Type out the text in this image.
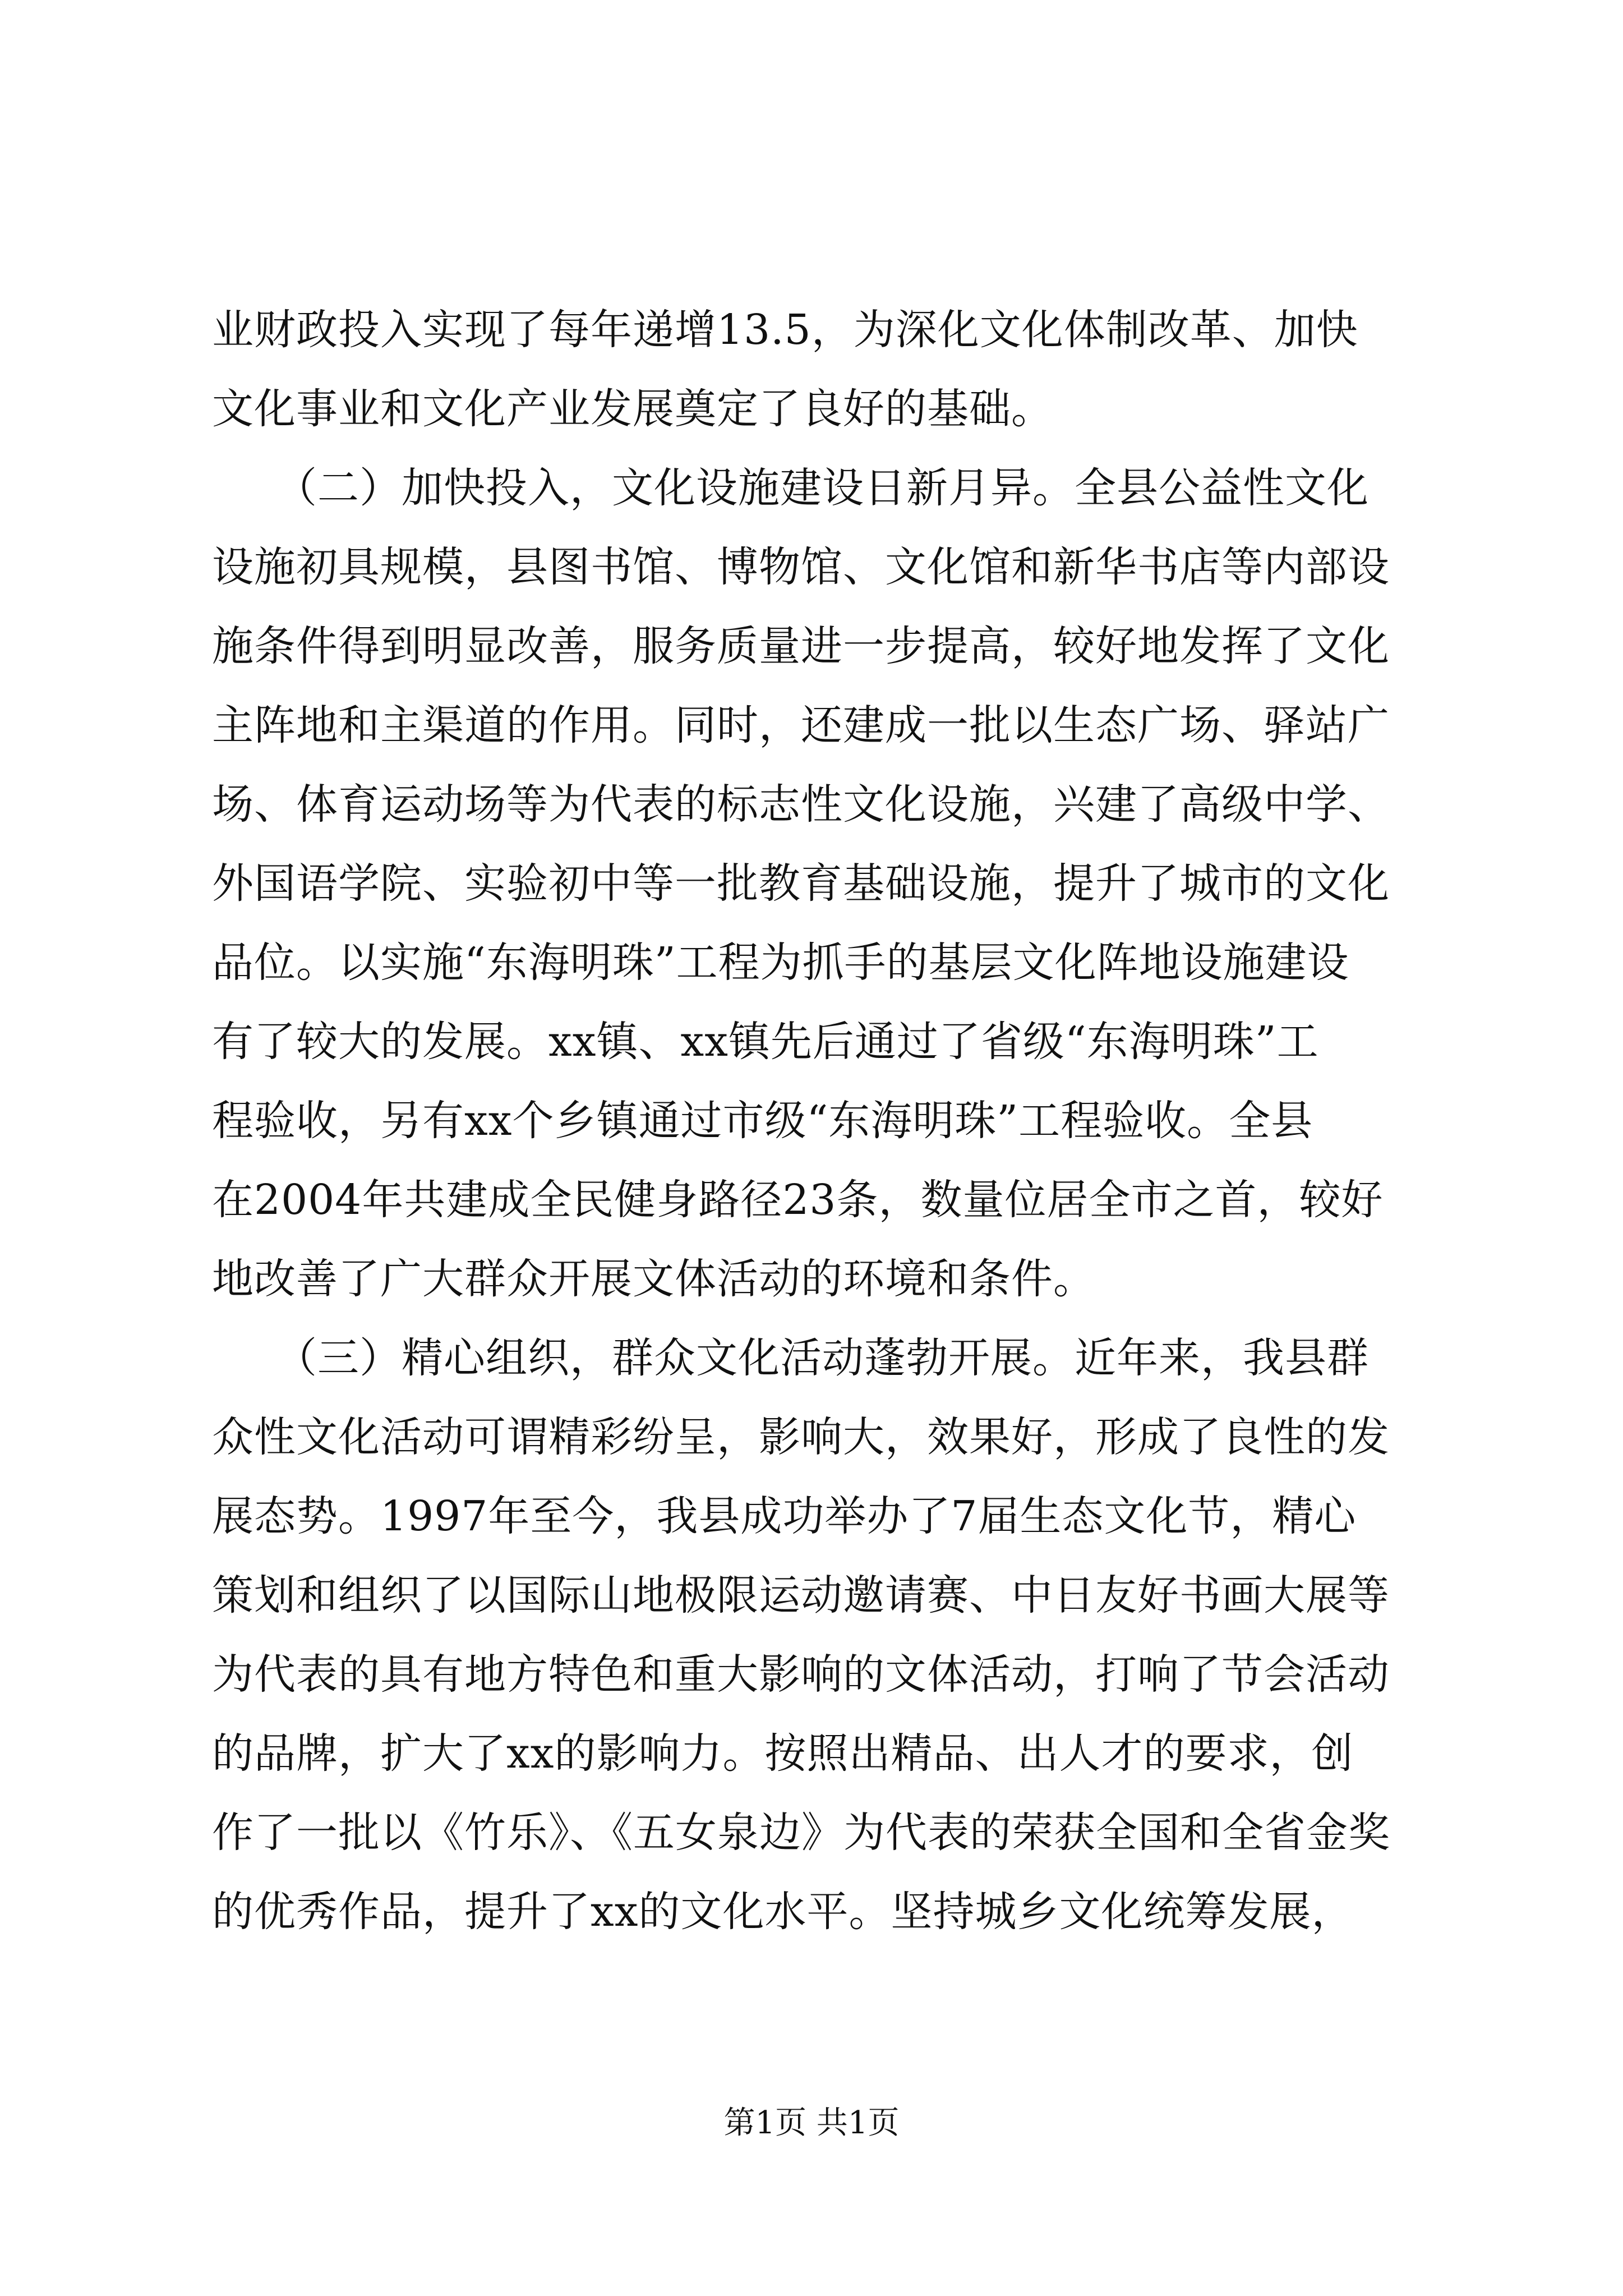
业财政投入实现了每年递增13.5，为深化文化体制改革、加快
文化事业和文化产业发展奠定了良好的基础。
　　（二）加快投入，文化设施建设日新月异。全县公益性文化
设施初具规模，县图书馆、博物馆、文化馆和新华书店等内部设
施条件得到明显改善，服务质量进一步提高，较好地发挥了文化
主阵地和主渠道的作用。同时，还建成一批以生态广场、驿站广
场、体育运动场等为代表的标志性文化设施，兴建了高级中学、
外国语学院、实验初中等一批教育基础设施，提升了城市的文化
品位。以实施“东海明珠”工程为抓手的基层文化阵地设施建设
有了较大的发展。xx镇、xx镇先后通过了省级“东海明珠”工
程验收，另有xx个乡镇通过市级“东海明珠”工程验收。全县
在2004年共建成全民健身路径23条，数量位居全市之首，较好
地改善了广大群众开展文体活动的环境和条件。
　　（三）精心组织，群众文化活动蓬勃开展。近年来，我县群
众性文化活动可谓精彩纷呈，影响大，效果好，形成了良性的发
展态势。1997年至今，我县成功举办了7届生态文化节，精心
策划和组织了以国际山地极限运动邀请赛、中日友好书画大展等
为代表的具有地方特色和重大影响的文体活动，打响了节会活动
的品牌，扩大了xx的影响力。按照出精品、出人才的要求，创
作了一批以《竹乐》、《五女泉边》为代表的荣获全国和全省金奖
的优秀作品，提升了xx的文化水平。坚持城乡文化统筹发展，
第1页 共1页
